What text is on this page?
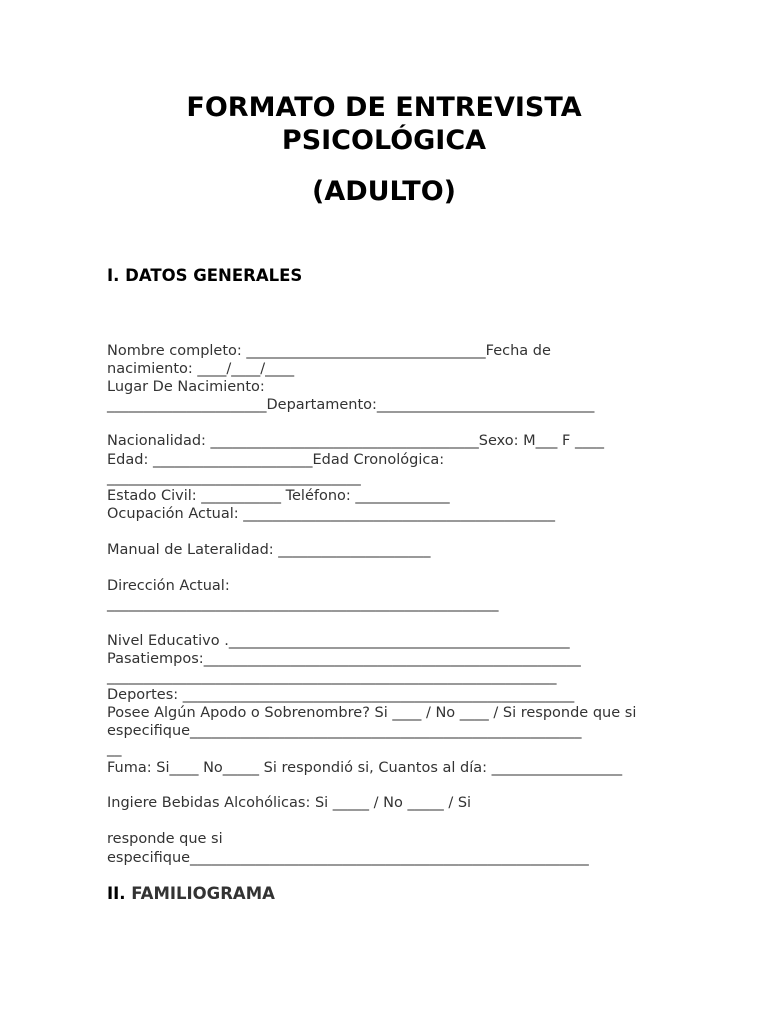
FORMATO DE ENTREVISTA
PSICOLÓGICA
(ADULTO)
I. DATOS GENERALES

Nombre completo: _________________________________Fecha de

nacimiento: ____/____/____

Lugar De Nacimiento:

______________________Departamento:______________________________

Nacionalidad: _____________________________________Sexo: M___ F ____

Edad: ______________________Edad Cronológica:

___________________________________

Estado Civil: ___________ Teléfono: _____________

Ocupación Actual: ___________________________________________

Manual de Lateralidad: _____________________

Dirección Actual:

______________________________________________________

Nivel Educativo ._______________________________________________

Pasatiempos:____________________________________________________

______________________________________________________________

Deportes: ______________________________________________________

Posee Algún Apodo o Sobrenombre? Si ____ / No ____ / Si responde que si

especifique______________________________________________________

__

Fuma: Si____ No_____ Si respondió si, Cuantos al día: __________________

Ingiere Bebidas Alcohólicas: Si _____ / No _____ / Si

responde que si

especifique_______________________________________________________

II. FAMILIOGRAMA
